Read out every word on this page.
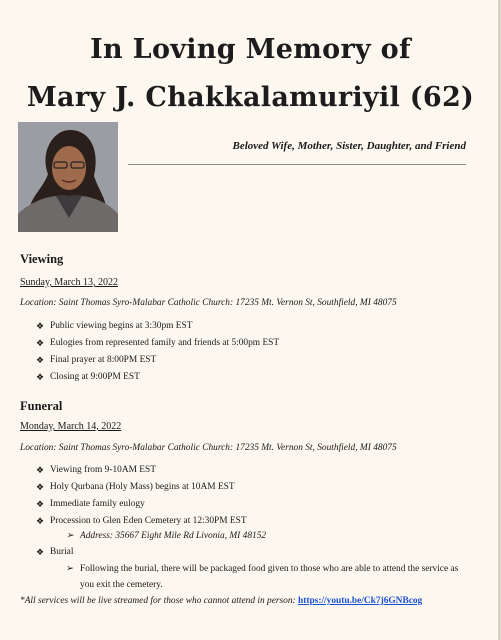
In Loving Memory of
Mary J. Chakkalamuriyil (62)
Beloved Wife, Mother, Sister, Daughter, and Friend
Viewing
Sunday, March 13, 2022
Location: Saint Thomas Syro-Malabar Catholic Church: 17235 Mt. Vernon St, Southfield, MI 48075
❖ Public viewing begins at 3:30pm EST
❖ Eulogies from represented family and friends at 5:00pm EST
❖ Final prayer at 8:00PM EST
❖ Closing at 9:00PM EST
Funeral
Monday, March 14, 2022
Location: Saint Thomas Syro-Malabar Catholic Church: 17235 Mt. Vernon St, Southfield, MI 48075
❖ Viewing from 9-10AM EST
❖ Holy Qurbana (Holy Mass) begins at 10AM EST
❖ Immediate family eulogy
❖ Procession to Glen Eden Cemetery at 12:30PM EST
➢ Address: 35667 Eight Mile Rd Livonia, MI 48152
❖ Burial
➢ Following the burial, there will be packaged food given to those who are able to attend the service as you exit the cemetery.
*All services will be live streamed for those who cannot attend in person: https://youtu.be/Ck7j6GNBcog
